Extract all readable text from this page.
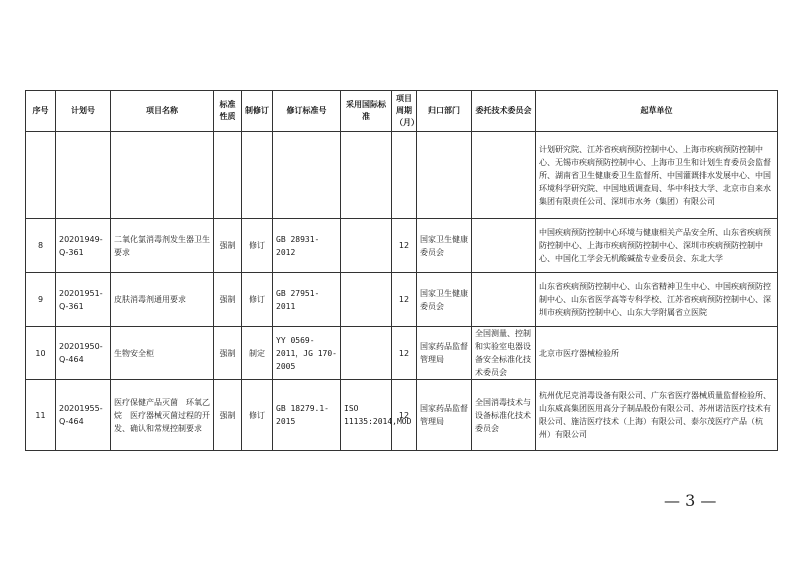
序号	计划号	项目名称	标准性质	制修订	修订标准号	采用国际标准	项目周期（月）	归口部门	委托技术委员会	起草单位
										计划研究院、江苏省疾病预防控制中心、上海市疾病预防控制中心、无锡市疾病预防控制中心、上海市卫生和计划生育委员会监督所、湖南省卫生健康委卫生监督所、中国灌溉排水发展中心、中国环境科学研究院、中国地质调查局、华中科技大学、北京市自来水集团有限责任公司、深圳市水务（集团）有限公司
8	20201949-Q-361	二氧化氯消毒剂发生器卫生要求	强制	修订	GB 28931-2012		12	国家卫生健康委员会		中国疾病预防控制中心环境与健康相关产品安全所、山东省疾病预防控制中心、上海市疾病预防控制中心、深圳市疾病预防控制中心、中国化工学会无机酸碱盐专业委员会、东北大学
9	20201951-Q-361	皮肤消毒剂通用要求	强制	修订	GB 27951-2011		12	国家卫生健康委员会		山东省疾病预防控制中心、山东省精神卫生中心、中国疾病预防控制中心、山东省医学高等专科学校、江苏省疾病预防控制中心、深圳市疾病预防控制中心、山东大学附属省立医院
10	20201950-Q-464	生物安全柜	强制	制定	YY 0569-2011，JG 170-2005		12	国家药品监督管理局	全国测量、控制和实验室电器设备安全标准化技术委员会	北京市医疗器械检验所
11	20201955-Q-464	医疗保健产品灭菌　环氧乙烷　医疗器械灭菌过程的开发、确认和常规控制要求	强制	修订	GB 18279.1-2015	ISO 11135:2014,MOD	12	国家药品监督管理局	全国消毒技术与设备标准化技术委员会	杭州优尼克消毒设备有限公司、广东省医疗器械质量监督检验所、山东威高集团医用高分子制品股份有限公司、苏州诺洁医疗技术有限公司、施洁医疗技术（上海）有限公司、泰尔茂医疗产品（杭州）有限公司
— 3 —
